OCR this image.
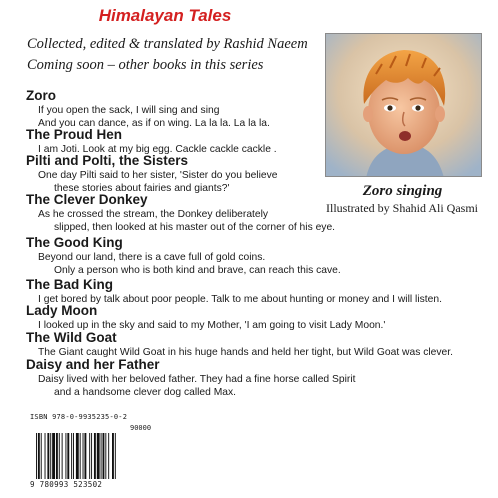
Himalayan Tales
Collected, edited & translated by Rashid Naeem
Coming soon – other books in this series
Zoro singing
Illustrated by Shahid Ali Qasmi
Zoro
If you open the sack, I will sing and sing
And you can dance, as if on wing. La la la. La la la.
The Proud Hen
I am Joti. Look at my big egg. Cackle cackle cackle .
Pilti and Polti, the Sisters
One day Pilti said to her sister, 'Sister do you believe
these stories about fairies and giants?'
The Clever Donkey
As he crossed the stream, the Donkey deliberately
slipped, then looked at his master out of the corner of his eye.
The Good King
Beyond our land, there is a cave full of gold coins.
Only a person who is both kind and brave, can reach this cave.
The Bad King
I get bored by talk about poor people. Talk to me about hunting or money and I will listen.
Lady Moon
I looked up in the sky and said to my Mother, 'I am going to visit Lady Moon.'
The Wild Goat
The Giant caught Wild Goat in his huge hands and held her tight, but Wild Goat was clever.
Daisy and her Father
Daisy lived with her beloved father. They had a fine horse called Spirit
and a handsome clever dog called Max.
ISBN 978-0-9935235-0-2
90000
9 780993 523502
